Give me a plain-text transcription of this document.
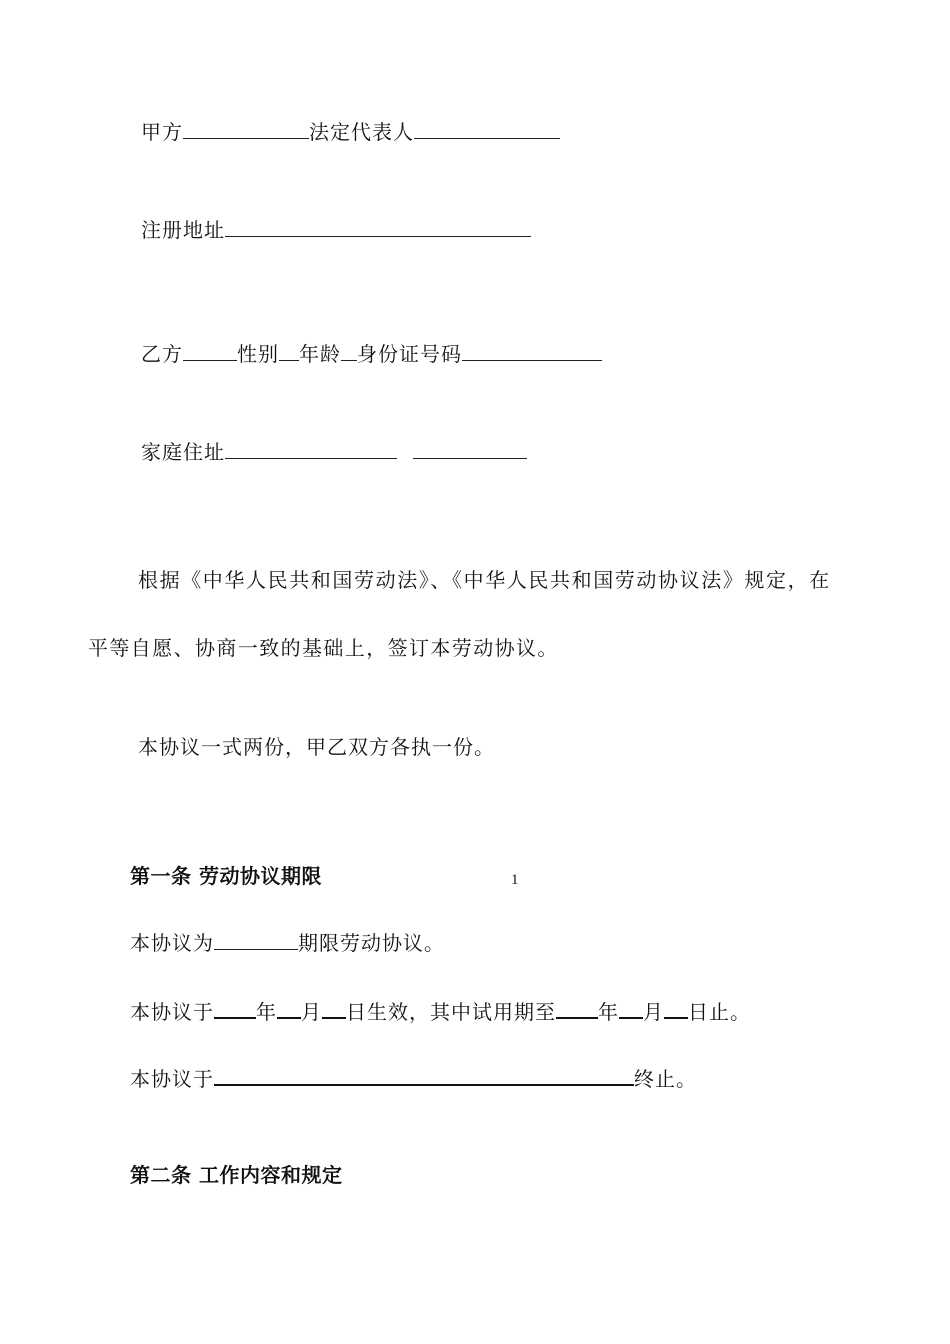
甲方	法定代表人
注册地址
乙方	性别 年龄 身份证号码
家庭住址
根据《中华人民共和国劳动法》、《中华人民共和国劳动协议法》规定，在
平等自愿、协商一致的基础上，签订本劳动协议。
本协议一式两份，甲乙双方各执一份。
第一条 劳动协议期限	1
本协议为	期限劳动协议。
本协议于 年 月 日生效，其中试用期至 年 月 日止。
本协议于	终止。
第二条 工作内容和规定
